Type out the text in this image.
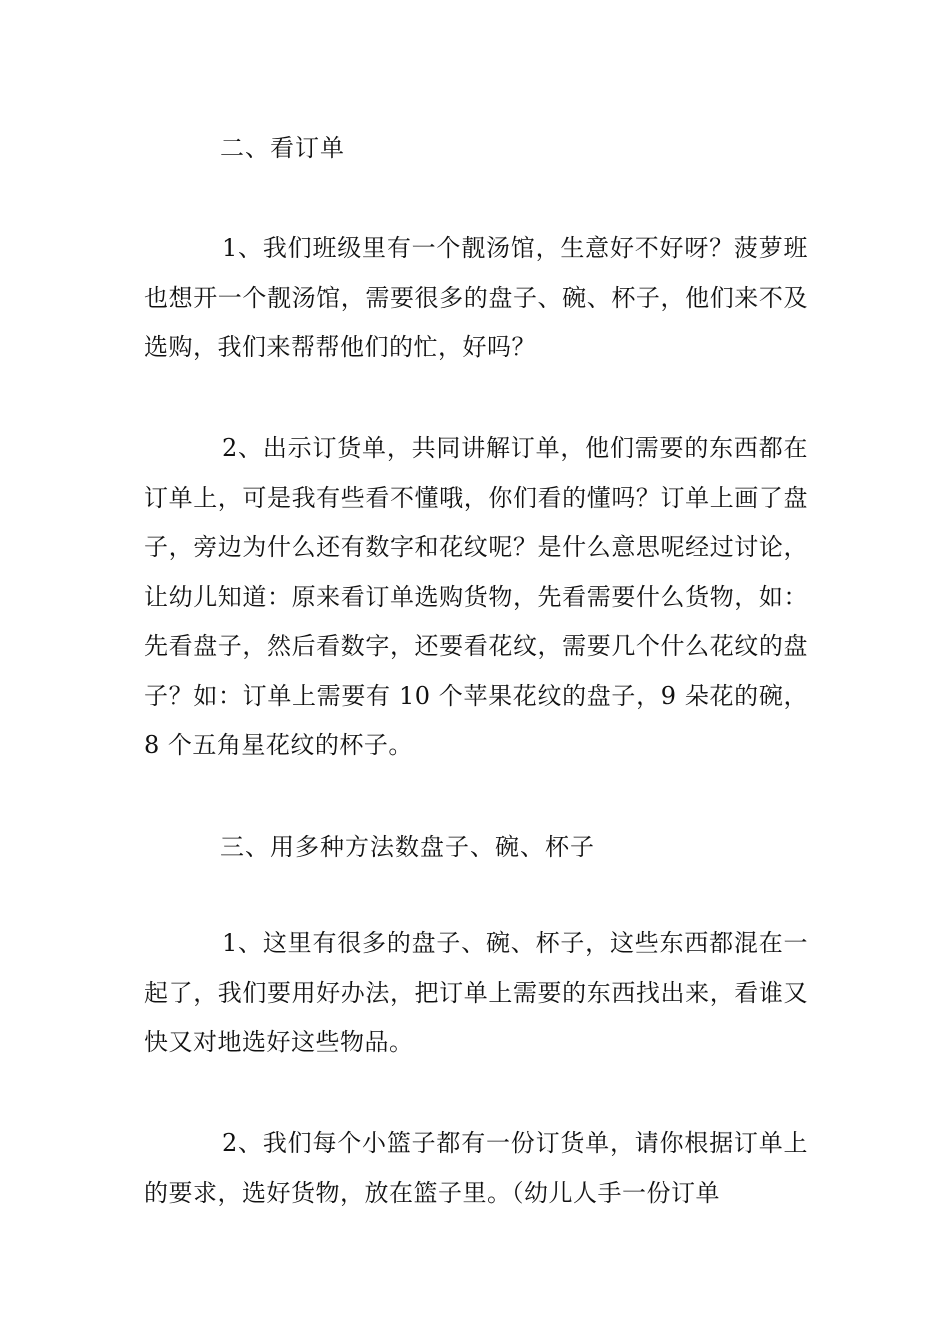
二、看订单
1、我们班级里有一个靓汤馆，生意好不好呀？菠萝班也想开一个靓汤馆，需要很多的盘子、碗、杯子，他们来不及选购，我们来帮帮他们的忙，好吗？
2、出示订货单，共同讲解订单，他们需要的东西都在订单上，可是我有些看不懂哦，你们看的懂吗？订单上画了盘子，旁边为什么还有数字和花纹呢？是什么意思呢经过讨论，让幼儿知道：原来看订单选购货物，先看需要什么货物，如：先看盘子，然后看数字，还要看花纹，需要几个什么花纹的盘子？如：订单上需要有 10 个苹果花纹的盘子，9 朵花的碗，8 个五角星花纹的杯子。
三、用多种方法数盘子、碗、杯子
1、这里有很多的盘子、碗、杯子，这些东西都混在一起了，我们要用好办法，把订单上需要的东西找出来，看谁又快又对地选好这些物品。
2、我们每个小篮子都有一份订货单，请你根据订单上的要求，选好货物，放在篮子里。（幼儿人手一份订单
